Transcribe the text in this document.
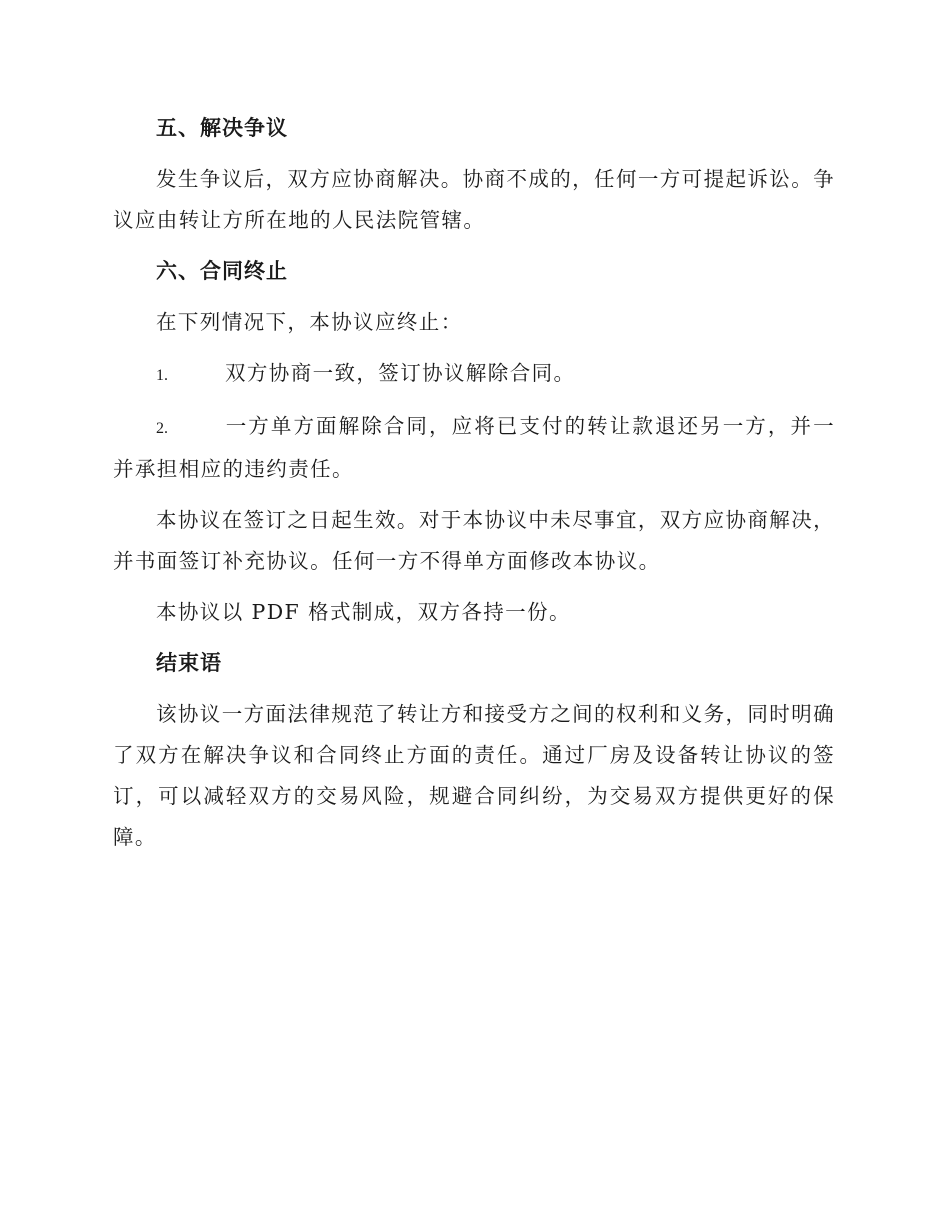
五、解决争议

发生争议后，双方应协商解决。协商不成的，任何一方可提起诉讼。争议应由转让方所在地的人民法院管辖。

六、合同终止

在下列情况下，本协议应终止：

1.	双方协商一致，签订协议解除合同。

2.	一方单方面解除合同，应将已支付的转让款退还另一方，并一并承担相应的违约责任。

本协议在签订之日起生效。对于本协议中未尽事宜，双方应协商解决，并书面签订补充协议。任何一方不得单方面修改本协议。

本协议以 PDF 格式制成，双方各持一份。

结束语

该协议一方面法律规范了转让方和接受方之间的权利和义务，同时明确了双方在解决争议和合同终止方面的责任。通过厂房及设备转让协议的签订，可以减轻双方的交易风险，规避合同纠纷，为交易双方提供更好的保障。
